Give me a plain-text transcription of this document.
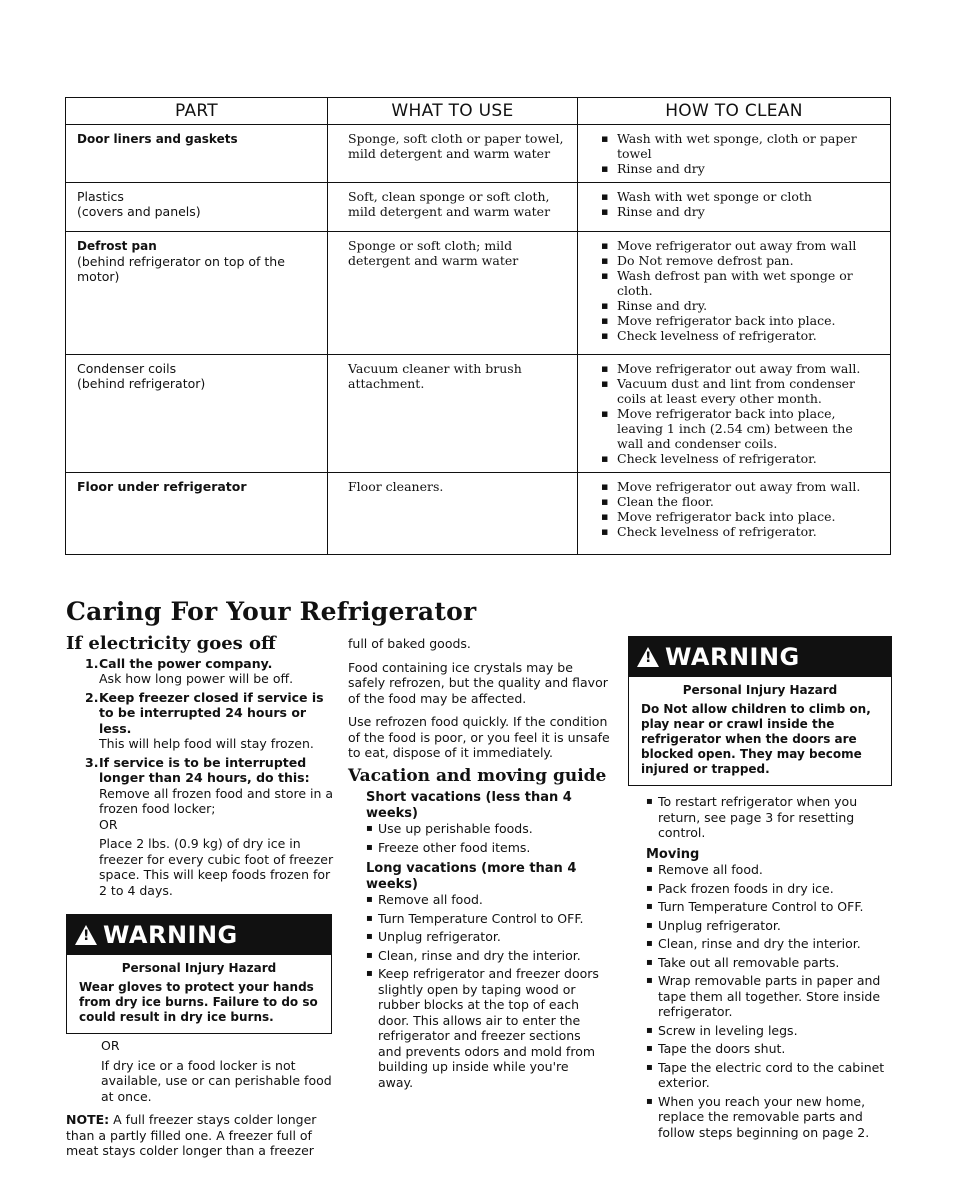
PART	WHAT TO USE	HOW TO CLEAN
Door liners and gaskets	Sponge, soft cloth or paper towel, mild detergent and warm water
▪ Wash with wet sponge, cloth or paper towel
▪ Rinse and dry
Plastics
(covers and panels)
Soft, clean sponge or soft cloth, mild detergent and warm water
▪ Wash with wet sponge or cloth
▪ Rinse and dry
Defrost pan
(behind refrigerator on top of the motor)
Sponge or soft cloth; mild detergent and warm water
▪ Move refrigerator out away from wall
▪ Do Not remove defrost pan.
▪ Wash defrost pan with wet sponge or cloth.
▪ Rinse and dry.
▪ Move refrigerator back into place.
▪ Check levelness of refrigerator.
Condenser coils
(behind refrigerator)
Vacuum cleaner with brush attachment.
▪ Move refrigerator out away from wall.
▪ Vacuum dust and lint from condenser coils at least every other month.
▪ Move refrigerator back into place, leaving 1 inch (2.54 cm) between the wall and condenser coils.
▪ Check levelness of refrigerator.
Floor under refrigerator	Floor cleaners.
▪	Move refrigerator out away from wall.
▪ Clean the floor.
▪ Move refrigerator back into place.
▪ Check levelness of refrigerator.
Caring For Your Refrigerator
If electricity goes off
1. Call the power company.
Ask how long power will be off.
2. Keep freezer closed if service is to be interrupted 24 hours or less.
This will help food will stay frozen.
3. If service is to be interrupted longer than 24 hours, do this:
Remove all frozen food and store in a frozen food locker;
OR
Place 2 lbs. (0.9 kg) of dry ice in freezer for every cubic foot of freezer space. This will keep foods frozen for 2 to 4 days.
! WARNING
Personal Injury Hazard
Wear gloves to protect your hands from dry ice burns. Failure to do so could result in dry ice burns.
OR

If dry ice or a food locker is not available, use or can perishable food at once.

NOTE: A full freezer stays colder longer than a partly filled one. A freezer full of meat stays colder longer than a freezer

full of baked goods.

Food containing ice crystals may be safely refrozen, but the quality and flavor of the food may be affected.

Use refrozen food quickly. If the condition of the food is poor, or you feel it is unsafe to eat, dispose of it immediately.

Vacation and moving guide
Short vacations (less than 4 weeks)
▪ Use up perishable foods.
▪ Freeze other food items.
Long vacations (more than 4 weeks)
▪ Remove all food.
▪ Turn Temperature Control to OFF.
▪ Unplug refrigerator.
▪ Clean, rinse and dry the interior.
▪ Keep refrigerator and freezer doors slightly open by taping wood or rubber blocks at the top of each door. This allows air to enter the refrigerator and freezer sections and prevents odors and mold from building up inside while you're away.
! WARNING
Personal Injury Hazard
Do Not allow children to climb on, play near or crawl inside the refrigerator when the doors are blocked open. They may become injured or trapped.
▪ To restart refrigerator when you return, see page 3 for resetting control.
Moving
▪ Remove all food.
▪ Pack frozen foods in dry ice.
▪ Turn Temperature Control to OFF.
▪ Unplug refrigerator.
▪ Clean, rinse and dry the interior.
▪ Take out all removable parts.
▪ Wrap removable parts in paper and tape them all together. Store inside refrigerator.
▪ Screw in leveling legs.
▪ Tape the doors shut.
▪ Tape the electric cord to the cabinet exterior.
▪ When you reach your new home, replace the removable parts and follow steps beginning on page 2.
